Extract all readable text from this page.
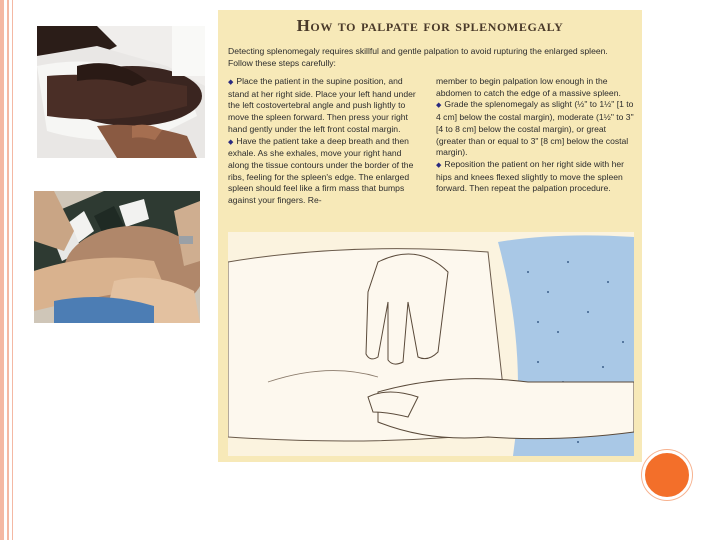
How to palpate for splenomegaly

Detecting splenomegaly requires skillful and gentle palpation to avoid rupturing the enlarged spleen. Follow these steps carefully:

◆ Place the patient in the supine position, and stand at her right side. Place your left hand under the left costovertebral angle and push lightly to move the spleen forward. Then press your right hand gently under the left front costal margin.

◆ Have the patient take a deep breath and then exhale. As she exhales, move your right hand along the tissue contours under the border of the ribs, feeling for the spleen's edge. The enlarged spleen should feel like a firm mass that bumps against your fingers. Re-

member to begin palpation low enough in the abdomen to catch the edge of a massive spleen.

◆ Grade the splenomegaly as slight (½" to 1½" [1 to 4 cm] below the costal margin), moderate (1½" to 3" [4 to 8 cm] below the costal margin), or great (greater than or equal to 3" [8 cm] below the costal margin).

◆ Reposition the patient on her right side with her hips and knees flexed slightly to move the spleen forward. Then repeat the palpation procedure.
